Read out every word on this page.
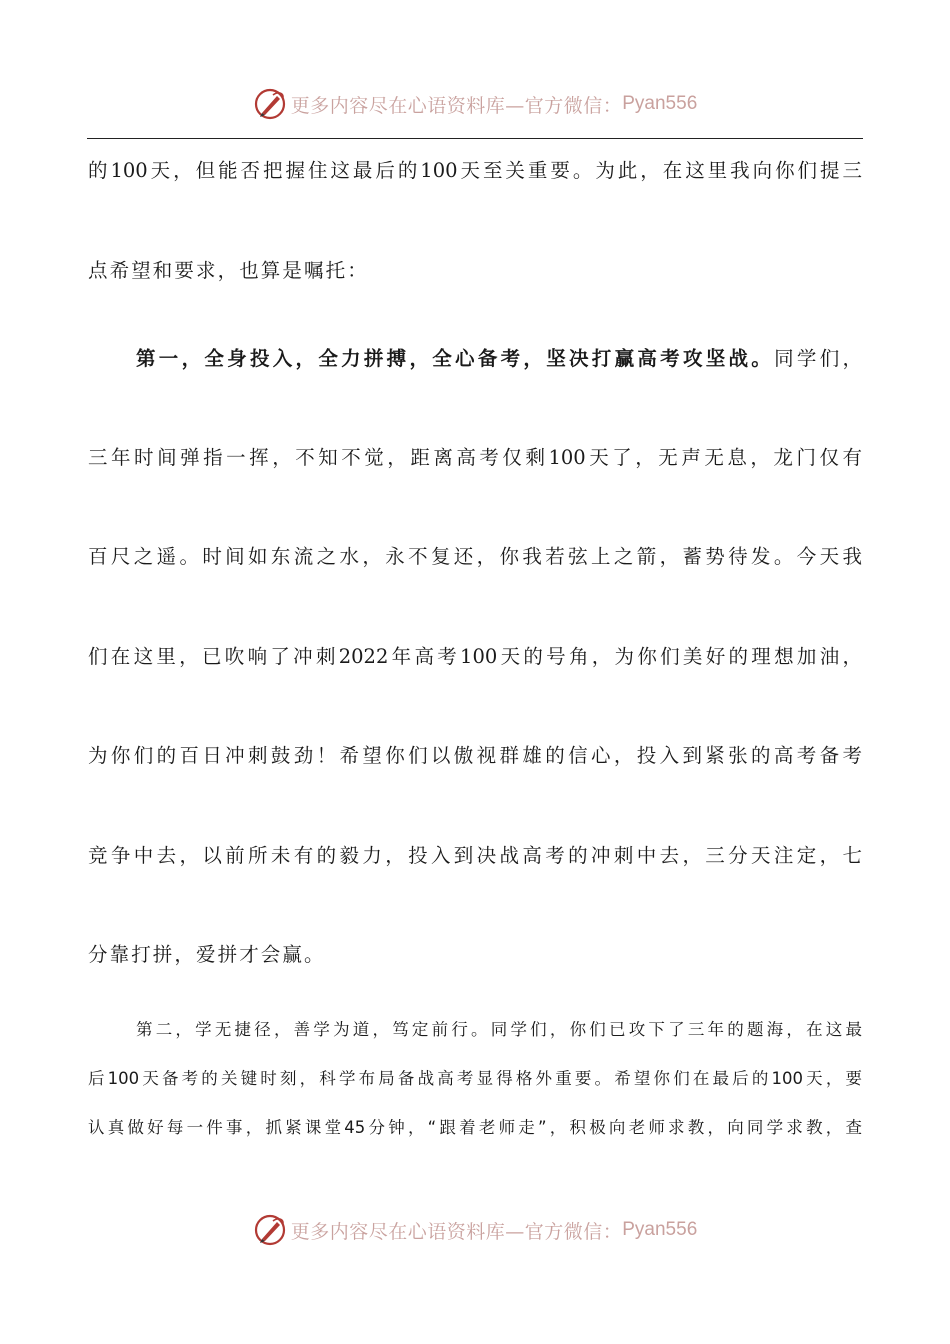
更多内容尽在心语资料库—官方微信： Pyan556
的100天，但能否把握住这最后的100天至关重要。为此，在这里我向你们提三
点希望和要求，也算是嘱托：
第一，全身投入，全力拼搏，全心备考，坚决打赢高考攻坚战。同学们，
三年时间弹指一挥，不知不觉，距离高考仅剩100天了，无声无息，龙门仅有
百尺之遥。时间如东流之水，永不复还，你我若弦上之箭，蓄势待发。今天我
们在这里，已吹响了冲刺2022年高考100天的号角，为你们美好的理想加油，
为你们的百日冲刺鼓劲！希望你们以傲视群雄的信心，投入到紧张的高考备考
竞争中去，以前所未有的毅力，投入到决战高考的冲刺中去，三分天注定，七
分靠打拼，爱拼才会赢。
第二，学无捷径，善学为道，笃定前行。同学们，你们已攻下了三年的题海，在这最
后100天备考的关键时刻，科学布局备战高考显得格外重要。希望你们在最后的100天，要
认真做好每一件事，抓紧课堂45分钟，“跟着老师走”，积极向老师求教，向同学求教，查
更多内容尽在心语资料库—官方微信： Pyan556
